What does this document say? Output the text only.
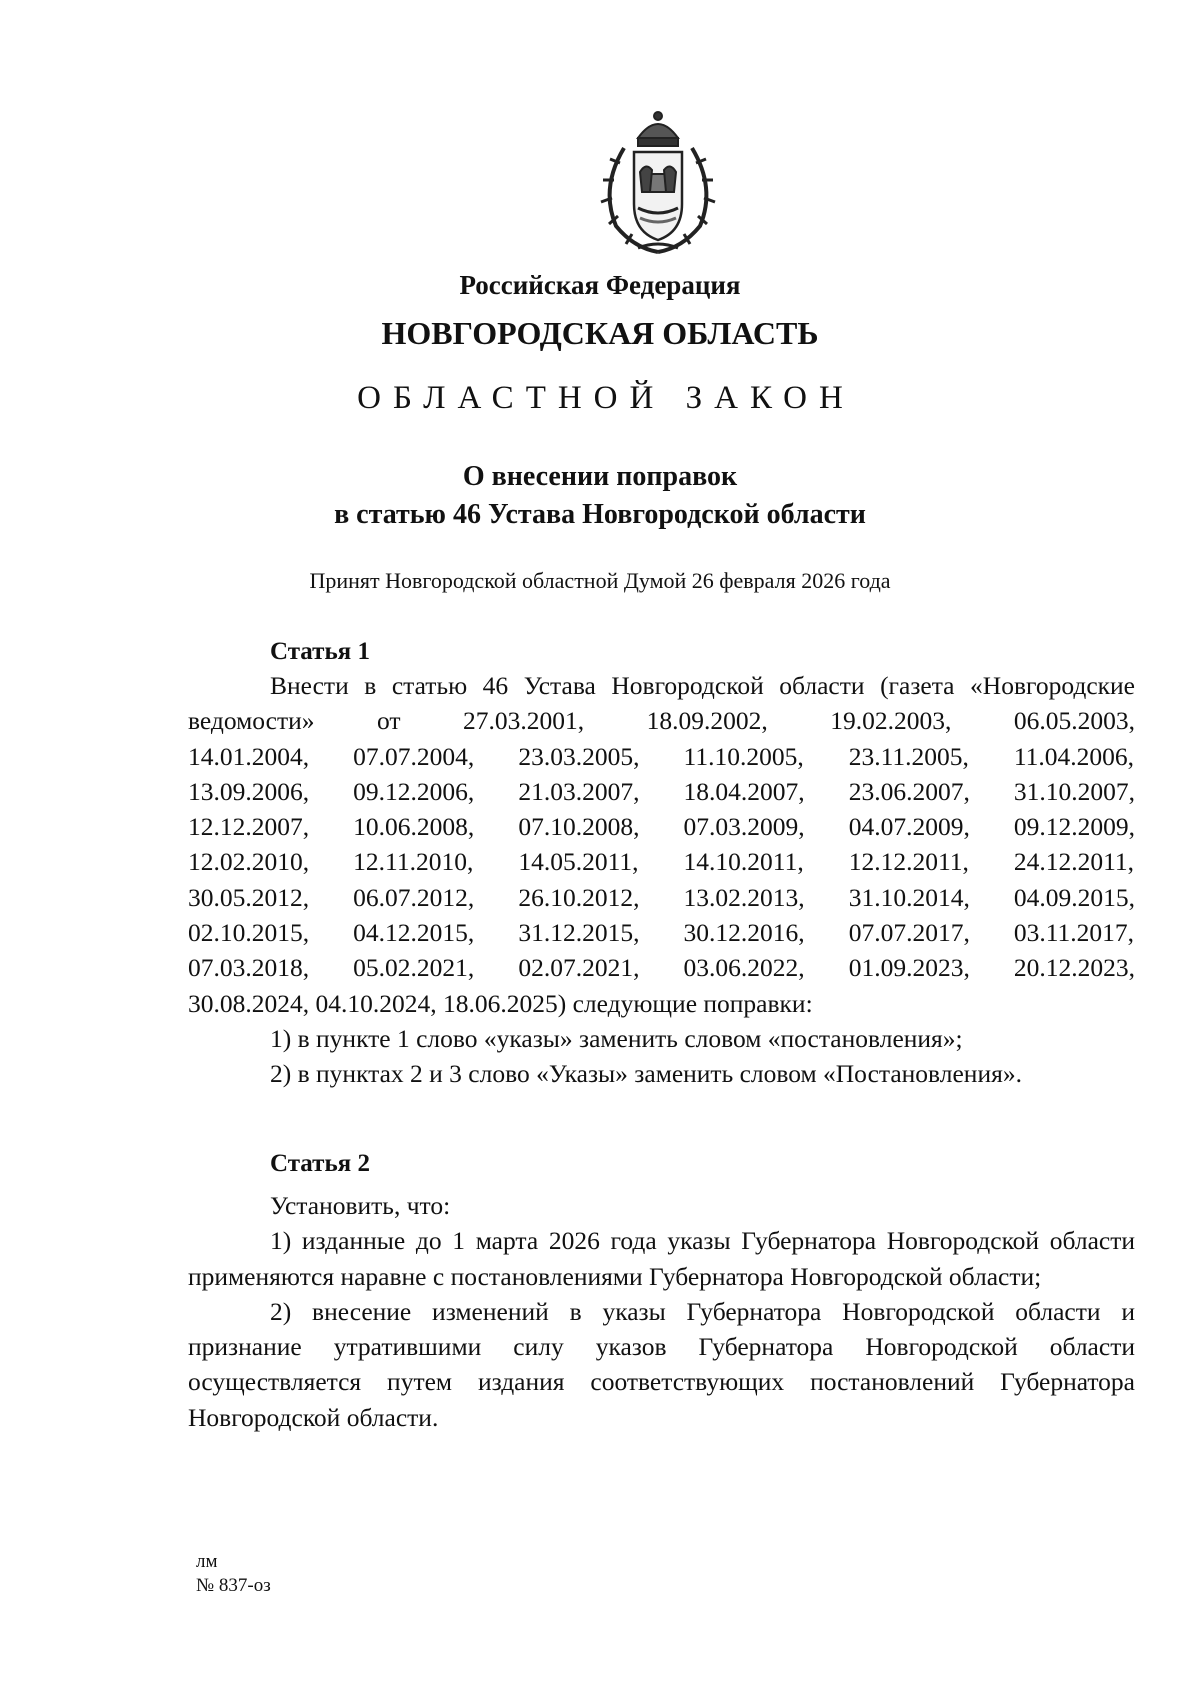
Российская Федерация
НОВГОРОДСКАЯ ОБЛАСТЬ
ОБЛАСТНОЙ ЗАКОН
О внесении поправок
в статью 46 Устава Новгородской области
Принят Новгородской областной Думой 26 февраля 2026 года
Статья 1

Внести в статью 46 Устава Новгородской области (газета «Новгородские ведомости» от 27.03.2001, 18.09.2002, 19.02.2003, 06.05.2003,

14.01.2004, 07.07.2004, 23.03.2005, 11.10.2005, 23.11.2005, 11.04.2006,
13.09.2006, 09.12.2006, 21.03.2007, 18.04.2007, 23.06.2007, 31.10.2007,
12.12.2007, 10.06.2008, 07.10.2008, 07.03.2009, 04.07.2009, 09.12.2009,
12.02.2010, 12.11.2010, 14.05.2011, 14.10.2011, 12.12.2011, 24.12.2011,
30.05.2012, 06.07.2012, 26.10.2012, 13.02.2013, 31.10.2014, 04.09.2015,
02.10.2015, 04.12.2015, 31.12.2015, 30.12.2016, 07.07.2017, 03.11.2017,
07.03.2018, 05.02.2021, 02.07.2021, 03.06.2022, 01.09.2023, 20.12.2023,

30.08.2024, 04.10.2024, 18.06.2025) следующие поправки:

1) в пункте 1 слово «указы» заменить словом «постановления»;

2) в пунктах 2 и 3 слово «Указы» заменить словом «Постановления».

Статья 2

Установить, что:

1) изданные до 1 марта 2026 года указы Губернатора Новгородской области применяются наравне с постановлениями Губернатора Новгородской области;

2) внесение изменений в указы Губернатора Новгородской области и признание утратившими силу указов Губернатора Новгородской области осуществляется путем издания соответствующих постановлений Губернатора Новгородской области.

лм
№ 837-оз
